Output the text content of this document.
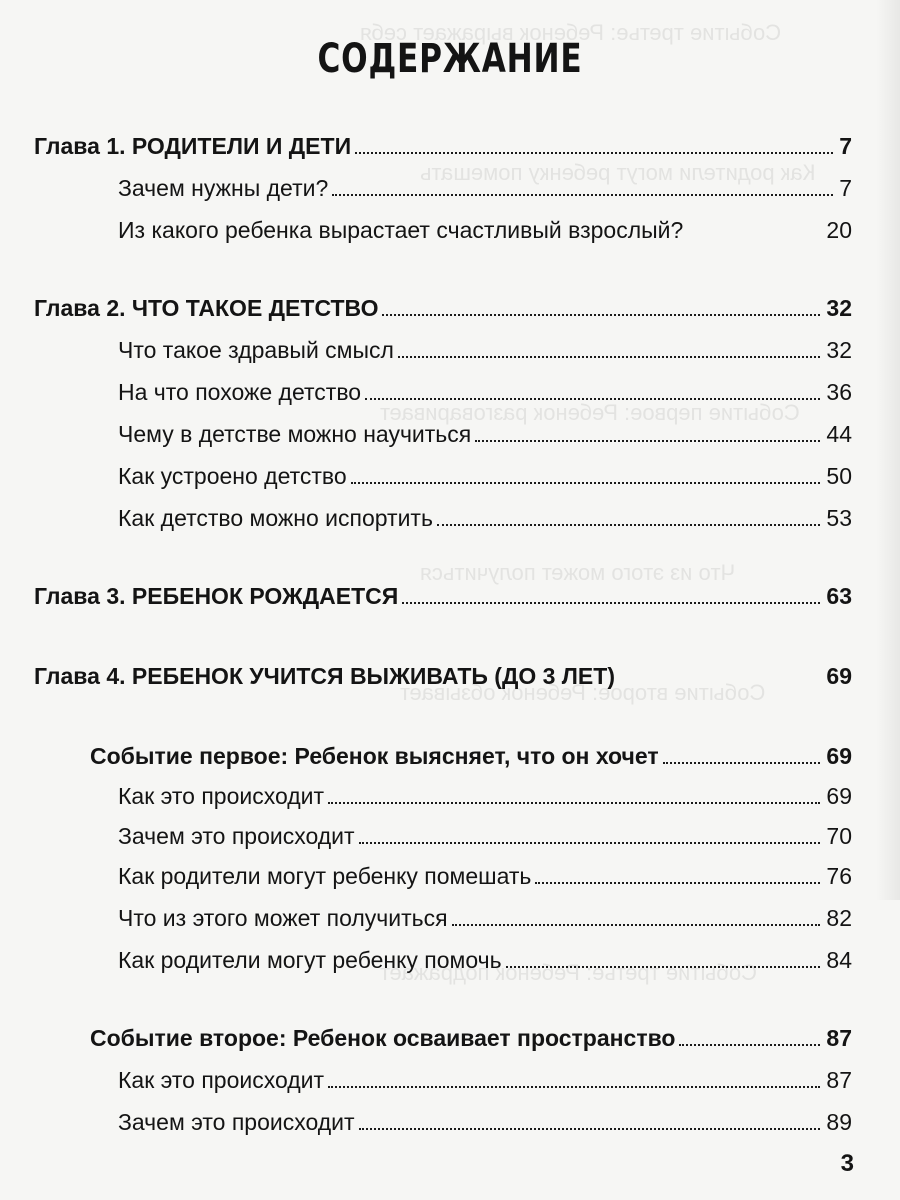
Событие третье: Ребенок выражает себя
Как родители могут ребенку помешать
Событие первое: Ребенок разговаривает
Что из этого может получиться
Событие второе: Ребенок обзывает
Событие третье: Ребенок подражает
СОДЕРЖАНИЕ
Глава 1. РОДИТЕЛИ И ДЕТИ	7
Зачем нужны дети?	7
Из какого ребенка вырастает счастливый взрослый?	20
Глава 2. ЧТО ТАКОЕ ДЕТСТВО	32
Что такое здравый смысл	32
На что похоже детство	36
Чему в детстве можно научиться	44
Как устроено детство	50
Как детство можно испортить	53
Глава 3. РЕБЕНОК РОЖДАЕТСЯ	63
Глава 4. РЕБЕНОК УЧИТСЯ ВЫЖИВАТЬ (ДО 3 ЛЕТ)	69
Событие первое: Ребенок выясняет, что он хочет	69
Как это происходит	69
Зачем это происходит	70
Как родители могут ребенку помешать	76
Что из этого может получиться	82
Как родители могут ребенку помочь	84
Событие второе: Ребенок осваивает пространство	87
Как это происходит	87
Зачем это происходит	89
3
